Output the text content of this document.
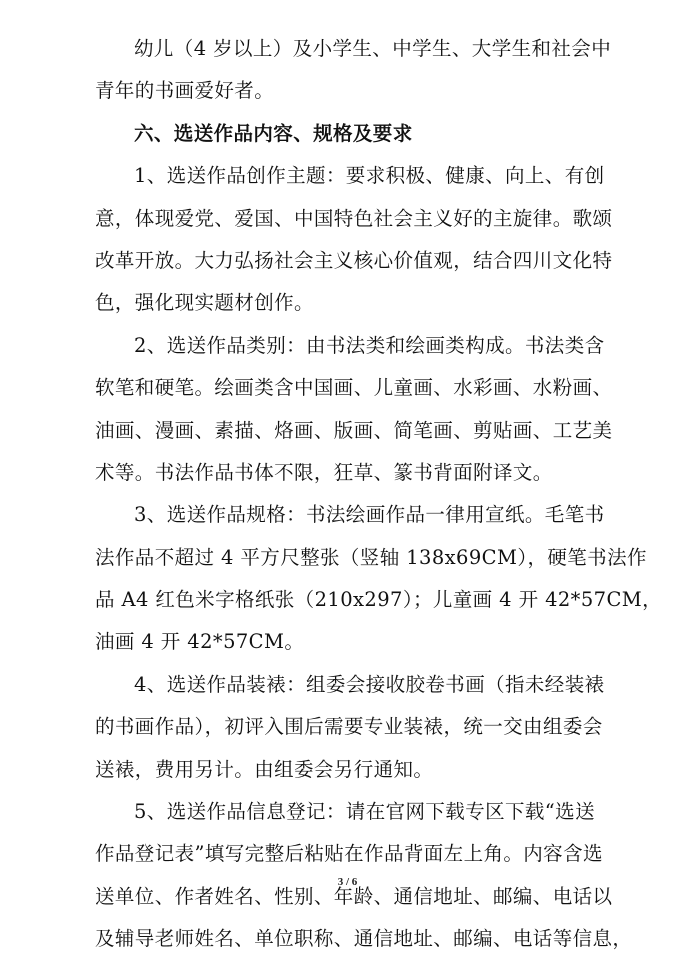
幼儿（4 岁以上）及小学生、中学生、大学生和社会中
青年的书画爱好者。
六、选送作品内容、规格及要求
1、选送作品创作主题：要求积极、健康、向上、有创
意，体现爱党、爱国、中国特色社会主义好的主旋律。歌颂
改革开放。大力弘扬社会主义核心价值观，结合四川文化特
色，强化现实题材创作。
2、选送作品类别：由书法类和绘画类构成。书法类含
软笔和硬笔。绘画类含中国画、儿童画、水彩画、水粉画、
油画、漫画、素描、烙画、版画、简笔画、剪贴画、工艺美
术等。书法作品书体不限，狂草、篆书背面附译文。
3、选送作品规格：书法绘画作品一律用宣纸。毛笔书
法作品不超过 4 平方尺整张（竖轴 138x69CM），硬笔书法作
品 A4 红色米字格纸张（210x297）；儿童画 4 开 42*57CM，
油画 4 开 42*57CM。
4、选送作品装裱：组委会接收胶卷书画（指未经装裱
的书画作品），初评入围后需要专业装裱，统一交由组委会
送裱，费用另计。由组委会另行通知。
5、选送作品信息登记：请在官网下载专区下载“选送
作品登记表”填写完整后粘贴在作品背面左上角。内容含选
送单位、作者姓名、性别、年龄、通信地址、邮编、电话以
及辅导老师姓名、单位职称、通信地址、邮编、电话等信息，
3 / 6
